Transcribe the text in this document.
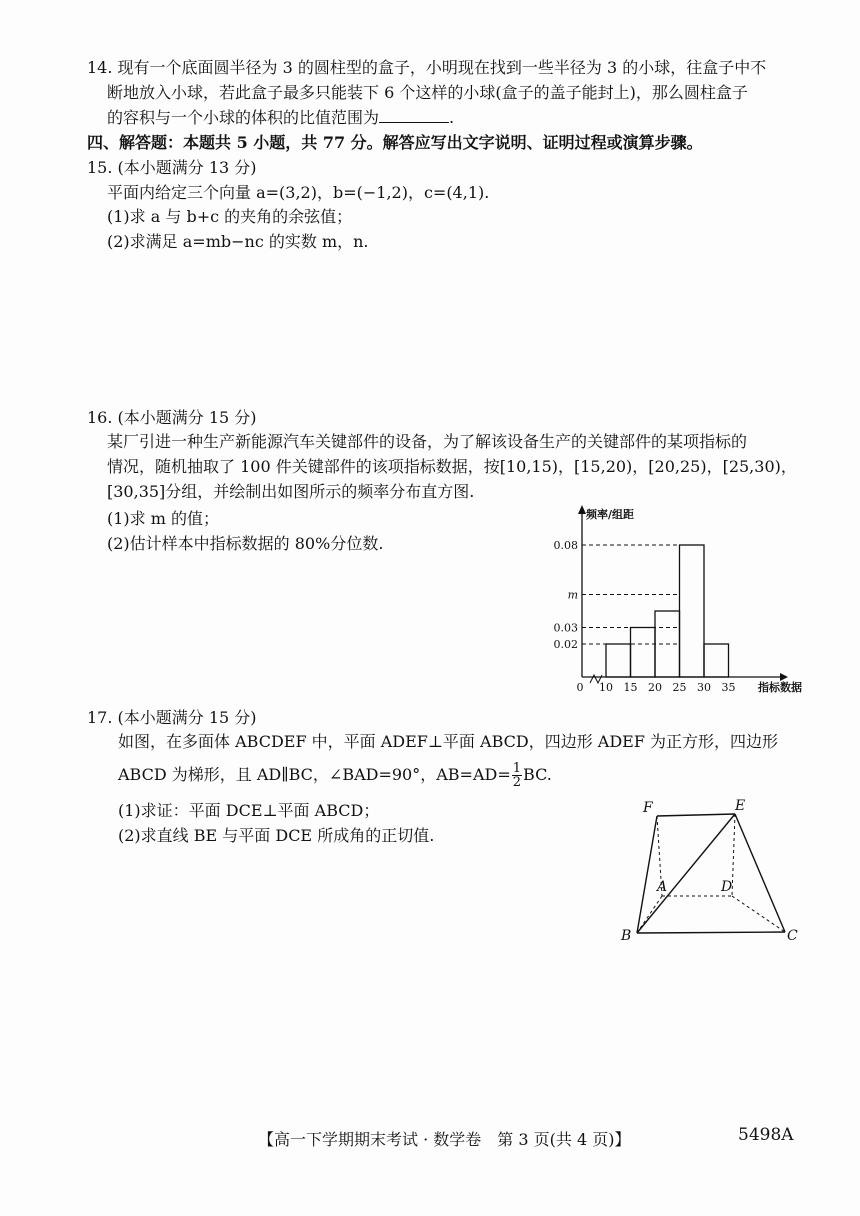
14. 现有一个底面圆半径为 3 的圆柱型的盒子，小明现在找到一些半径为 3 的小球，往盒子中不
断地放入小球，若此盒子最多只能装下 6 个这样的小球(盒子的盖子能封上)，那么圆柱盒子
的容积与一个小球的体积的比值范围为	.
四、解答题：本题共 5 小题，共 77 分。解答应写出文字说明、证明过程或演算步骤。
15. (本小题满分 13 分)
平面内给定三个向量 a=(3,2)，b=(−1,2)，c=(4,1).
(1)求 a 与 b+c 的夹角的余弦值；
(2)求满足 a=mb−nc 的实数 m，n.
16. (本小题满分 15 分)
某厂引进一种生产新能源汽车关键部件的设备，为了解该设备生产的关键部件的某项指标的
情况，随机抽取了 100 件关键部件的该项指标数据，按[10,15)，[15,20)，[20,25)，[25,30)，
[30,35]分组，并绘制出如图所示的频率分布直方图.
(1)求 m 的值；
(2)估计样本中指标数据的 80%分位数.
0.02
0.03
m
0.08
0 10 15 20 25 30 35
频率/组距
指标数据
17. (本小题满分 15 分)
如图，在多面体 ABCDEF 中，平面 ADEF⊥平面 ABCD，四边形 ADEF 为正方形，四边形
ABCD 为梯形，且 AD∥BC，∠BAD=90°，$AB=AD= \frac{1}{2}$ BC.
(1)求证：平面 DCE⊥平面 ABCD；
(2)求直线 BE 与平面 DCE 所成角的正切值.
F	E
A	D
B	C
【高一下学期期末考试 · 数学卷　第 3 页(共 4 页)】	5498A
